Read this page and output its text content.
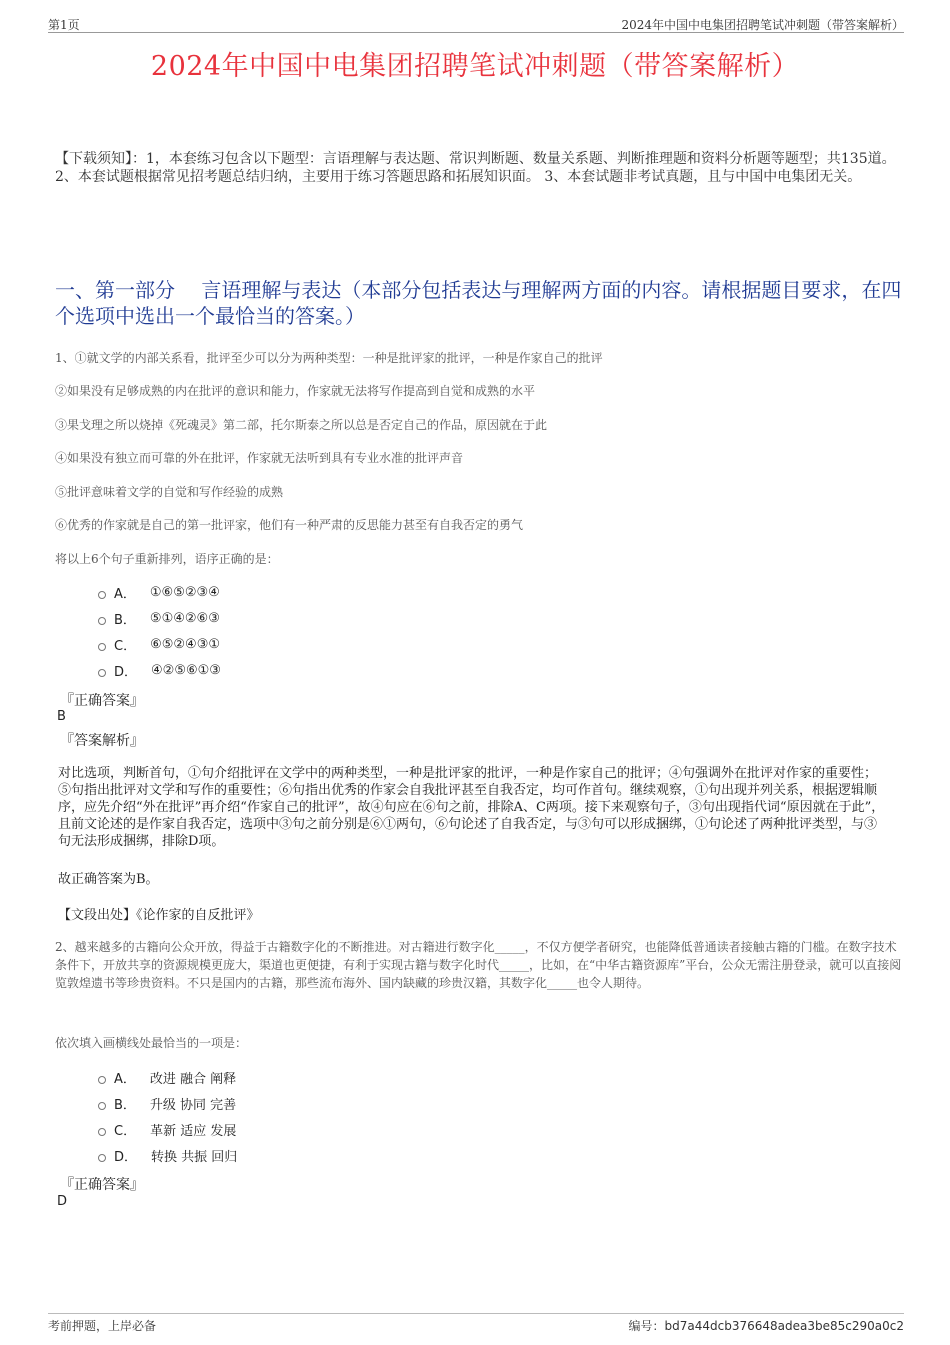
第1页	2024年中国中电集团招聘笔试冲刺题（带答案解析）
2024年中国中电集团招聘笔试冲刺题（带答案解析）
【下载须知】：1，本套练习包含以下题型：言语理解与表达题、常识判断题、数量关系题、判断推理题和资料分析题等题型；共135道。 2、本套试题根据常见招考题总结归纳，主要用于练习答题思路和拓展知识面。 3、本套试题非考试真题，且与中国中电集团无关。
一、第一部分　 言语理解与表达（本部分包括表达与理解两方面的内容。请根据题目要求，在四个选项中选出一个最恰当的答案。）
1、①就文学的内部关系看，批评至少可以分为两种类型：一种是批评家的批评，一种是作家自己的批评
②如果没有足够成熟的内在批评的意识和能力，作家就无法将写作提高到自觉和成熟的水平
③果戈理之所以烧掉《死魂灵》第二部，托尔斯泰之所以总是否定自己的作品，原因就在于此
④如果没有独立而可靠的外在批评，作家就无法听到具有专业水准的批评声音
⑤批评意味着文学的自觉和写作经验的成熟
⑥优秀的作家就是自己的第一批评家，他们有一种严肃的反思能力甚至有自我否定的勇气
将以上6个句子重新排列，语序正确的是：
A． ①⑥⑤②③④
B． ⑤①④②⑥③
C． ⑥⑤②④③①
D． ④②⑤⑥①③
『正确答案』
B
『答案解析』
对比选项，判断首句，①句介绍批评在文学中的两种类型，一种是批评家的批评，一种是作家自己的批评；④句强调外在批评对作家的重要性；⑤句指出批评对文学和写作的重要性；⑥句指出优秀的作家会自我批评甚至自我否定，均可作首句。继续观察，①句出现并列关系，根据逻辑顺序，应先介绍“外在批评”再介绍“作家自己的批评”，故④句应在⑥句之前，排除A、C两项。接下来观察句子，③句出现指代词“原因就在于此”，且前文论述的是作家自我否定，选项中③句之前分别是⑥①两句，⑥句论述了自我否定，与③句可以形成捆绑，①句论述了两种批评类型，与③句无法形成捆绑，排除D项。
故正确答案为B。
【文段出处】《论作家的自反批评》
2、越来越多的古籍向公众开放，得益于古籍数字化的不断推进。对古籍进行数字化_____，不仅方便学者研究，也能降低普通读者接触古籍的门槛。在数字技术条件下，开放共享的资源规模更庞大，渠道也更便捷，有利于实现古籍与数字化时代_____，比如，在“中华古籍资源库”平台，公众无需注册登录，就可以直接阅览敦煌遗书等珍贵资料。不只是国内的古籍，那些流布海外、国内缺藏的珍贵汉籍，其数字化_____也令人期待。
依次填入画横线处最恰当的一项是：
A． 改进 融合 阐释
B． 升级 协同 完善
C． 革新 适应 发展
D． 转换 共振 回归
『正确答案』
D
考前押题，上岸必备	编号：bd7a44dcb376648adea3be85c290a0c2
